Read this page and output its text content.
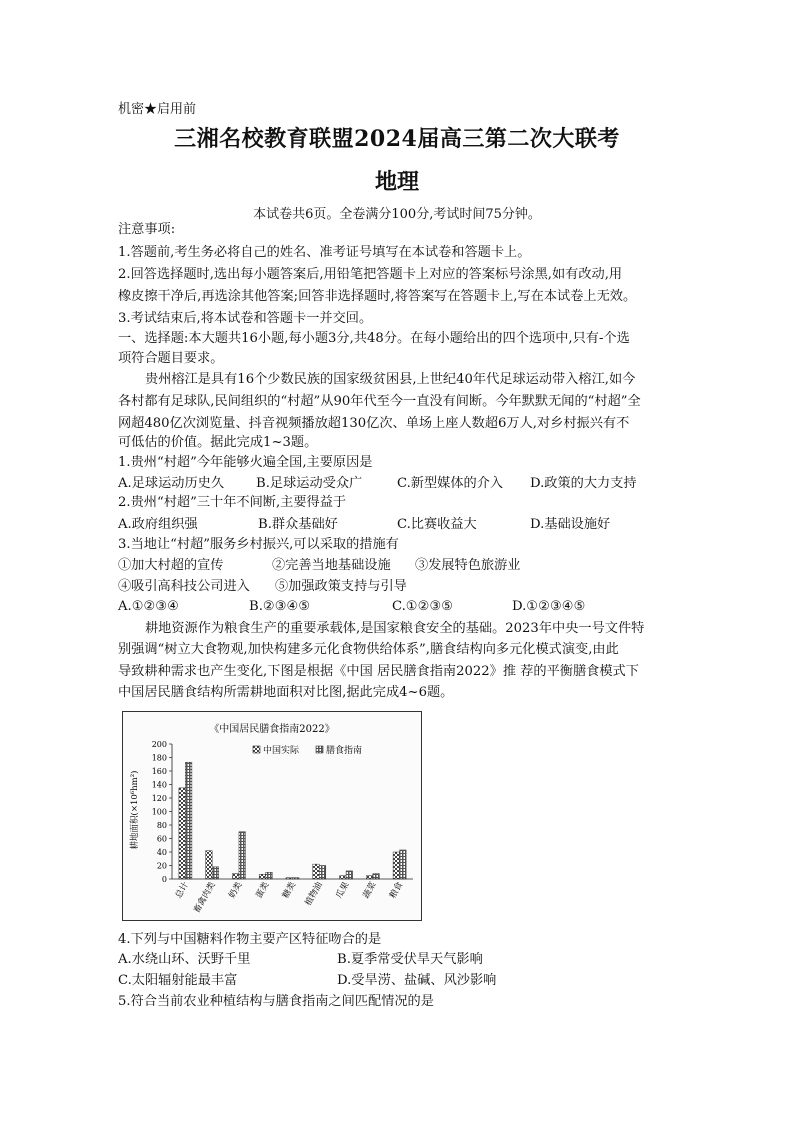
机密★启用前
三湘名校教育联盟2024届高三第二次大联考
地理
本试卷共6页。全卷满分100分,考试时间75分钟。
注意事项:
1.答题前,考生务必将自己的姓名、准考证号填写在本试卷和答题卡上。
2.回答选择题时,选出每小题答案后,用铅笔把答题卡上对应的答案标号涂黑,如有改动,用
橡皮擦干净后,再选涂其他答案;回答非选择题时,将答案写在答题卡上,写在本试卷上无效。
3.考试结束后,将本试卷和答题卡一并交回。
一、选择题:本大题共16小题,每小题3分,共48分。在每小题给出的四个选项中,只有-个选
项符合题目要求。
贵州榕江是具有16个少数民族的国家级贫困县,上世纪40年代足球运动带入榕江,如今
各村都有足球队,民间组织的“村超”从90年代至今一直没有间断。今年默默无闻的“村超”全
网超480亿次浏览量、抖音视频播放超130亿次、单场上座人数超6万人,对乡村振兴有不
可低估的价值。据此完成1~3题。
1.贵州“村超”今年能够火遍全国,主要原因是
A.足球运动历史久 B.足球运动受众广	C.新型媒体的介入 D.政策的大力支持
2.贵州“村超”三十年不间断,主要得益于
A.政府组织强	B.群众基础好	C.比赛收益大	D.基础设施好
3.当地让“村超”服务乡村振兴,可以采取的措施有
①加大村超的宣传	②完善当地基础设施 ③发展特色旅游业
④吸引高科技公司进入 ⑤加强政策支持与引导
A.①②③④	B.②③④⑤	C.①②③⑤	D.①②③④⑤
耕地资源作为粮食生产的重要承载体,是国家粮食安全的基础。2023年中央一号文件特
别强调“树立大食物观,加快构建多元化食物供给体系”,膳食结构向多元化模式演变,由此
导致耕种需求也产生变化,下图是根据《中国 居民膳食指南2022》推 荐的平衡膳食模式下
中国居民膳食结构所需耕地面积对比图,据此完成4~6题。
《中国居民膳食指南2022》
中国实际	膳食指南
耕地面积(×10⁶hm²)
0
20
40
60
80
100
120
140
160
180
200
总计 畜禽肉类 奶类 蛋类 糖类 植物油 瓜果 蔬菜 粮食
4.下列与中国糖料作物主要产区特征吻合的是
A.水绕山环、沃野千里	B.夏季常受伏旱天气影响
C.太阳辐射能最丰富	D.受旱涝、盐碱、风沙影响
5.符合当前农业种植结构与膳食指南之间匹配情况的是
